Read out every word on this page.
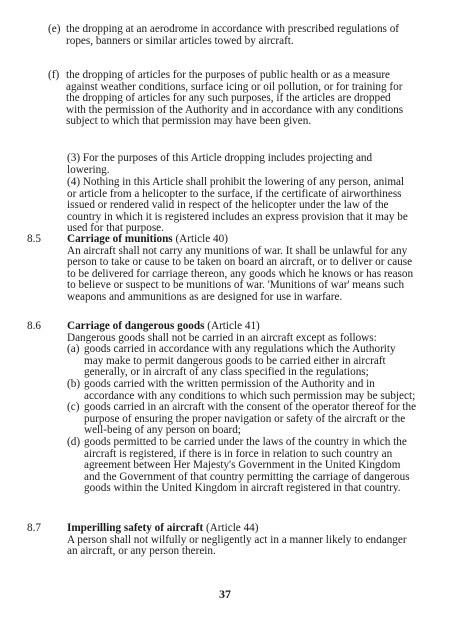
(e) the dropping at an aerodrome in accordance with prescribed regulations of ropes, banners or similar articles towed by aircraft.
(f) the dropping of articles for the purposes of public health or as a measure against weather conditions, surface icing or oil pollution, or for training for the dropping of articles for any such purposes, if the articles are dropped with the permission of the Authority and in accordance with any conditions subject to which that permission may have been given.
(3) For the purposes of this Article dropping includes projecting and lowering.
(4) Nothing in this Article shall prohibit the lowering of any person, animal or article from a helicopter to the surface, if the certificate of airworthiness issued or rendered valid in respect of the helicopter under the law of the country in which it is registered includes an express provision that it may be used for that purpose.
8.5 Carriage of munitions (Article 40)
An aircraft shall not carry any munitions of war. It shall be unlawful for any person to take or cause to be taken on board an aircraft, or to deliver or cause to be delivered for carriage thereon, any goods which he knows or has reason to believe or suspect to be munitions of war. 'Munitions of war' means such weapons and ammunitions as are designed for use in warfare.
8.6 Carriage of dangerous goods (Article 41)
Dangerous goods shall not be carried in an aircraft except as follows:
(a) goods carried in accordance with any regulations which the Authority may make to permit dangerous goods to be carried either in aircraft generally, or in aircraft of any class specified in the regulations;
(b) goods carried with the written permission of the Authority and in accordance with any conditions to which such permission may be subject;
(c) goods carried in an aircraft with the consent of the operator thereof for the purpose of ensuring the proper navigation or safety of the aircraft or the well-being of any person on board;
(d) goods permitted to be carried under the laws of the country in which the aircraft is registered, if there is in force in relation to such country an agreement between Her Majesty's Government in the United Kingdom and the Government of that country permitting the carriage of dangerous goods within the United Kingdom in aircraft registered in that country.
8.7 Imperilling safety of aircraft (Article 44)
A person shall not wilfully or negligently act in a manner likely to endanger an aircraft, or any person therein.
37
